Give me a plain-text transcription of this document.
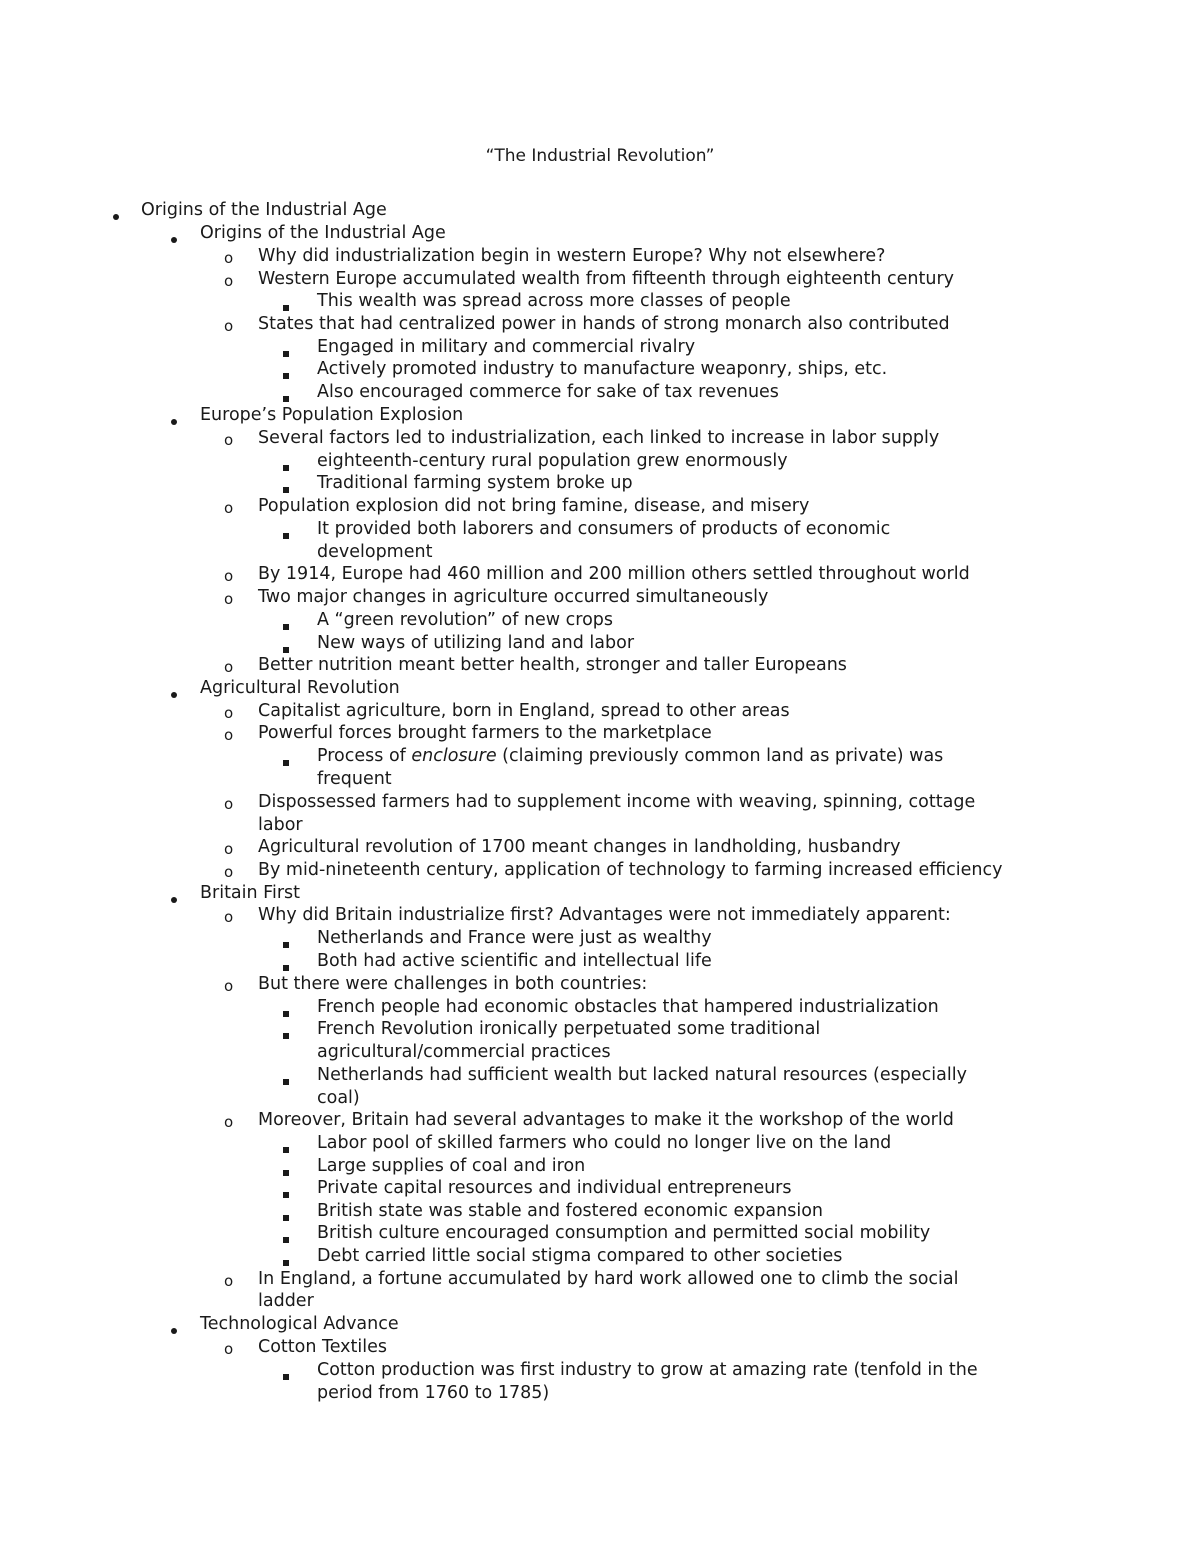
“The Industrial Revolution”
Origins of the Industrial Age
Origins of the Industrial Age
o Why did industrialization begin in western Europe? Why not elsewhere?
o Western Europe accumulated wealth from fifteenth through eighteenth century
This wealth was spread across more classes of people
o States that had centralized power in hands of strong monarch also contributed
Engaged in military and commercial rivalry
Actively promoted industry to manufacture weaponry, ships, etc.
Also encouraged commerce for sake of tax revenues
Europe’s Population Explosion
o Several factors led to industrialization, each linked to increase in labor supply
eighteenth-century rural population grew enormously
Traditional farming system broke up
o Population explosion did not bring famine, disease, and misery
It provided both laborers and consumers of products of economic
development
o By 1914, Europe had 460 million and 200 million others settled throughout world
o Two major changes in agriculture occurred simultaneously
A “green revolution” of new crops
New ways of utilizing land and labor
o Better nutrition meant better health, stronger and taller Europeans
Agricultural Revolution
o Capitalist agriculture, born in England, spread to other areas
o Powerful forces brought farmers to the marketplace
Process of enclosure (claiming previously common land as private) was
frequent
o Dispossessed farmers had to supplement income with weaving, spinning, cottage
labor
o Agricultural revolution of 1700 meant changes in landholding, husbandry
o By mid-nineteenth century, application of technology to farming increased efficiency
Britain First
o Why did Britain industrialize first? Advantages were not immediately apparent:
Netherlands and France were just as wealthy
Both had active scientific and intellectual life
o But there were challenges in both countries:
French people had economic obstacles that hampered industrialization
French Revolution ironically perpetuated some traditional
agricultural/commercial practices
Netherlands had sufficient wealth but lacked natural resources (especially
coal)
o Moreover, Britain had several advantages to make it the workshop of the world
Labor pool of skilled farmers who could no longer live on the land
Large supplies of coal and iron
Private capital resources and individual entrepreneurs
British state was stable and fostered economic expansion
British culture encouraged consumption and permitted social mobility
Debt carried little social stigma compared to other societies
o In England, a fortune accumulated by hard work allowed one to climb the social
ladder
Technological Advance
o Cotton Textiles
Cotton production was first industry to grow at amazing rate (tenfold in the
period from 1760 to 1785)
